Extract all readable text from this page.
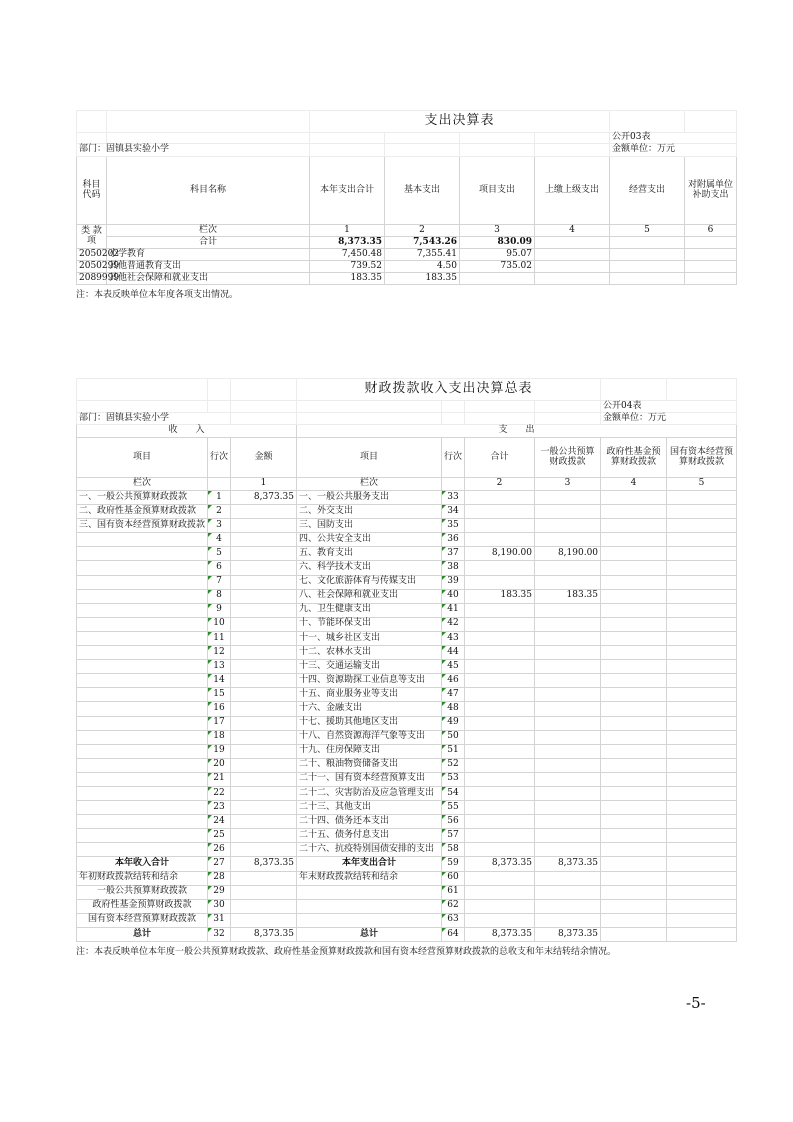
		支出决算表					
						公开03表	
部门：固镇县实验小学						金额单位：万元	
科目代码	科目名称	本年支出合计	基本支出	项目支出	上缴上级支出	经营支出	对附属单位补助支出
类 款 项	栏次	1	2	3	4	5	6
	合计	8,373.35	7,543.26	830.09			
2050202	小学教育	7,450.48	7,355.41	95.07			
2050299	其他普通教育支出	739.52	4.50	735.02			
2089999	其他社会保障和就业支出	183.35	183.35				
注：本表反映单位本年度各项支出情况。
			财政拨款收入支出决算总表					
							公开04表	
部门：固镇县实验小学							金额单位：万元	
收　　入			支　　出					
项目	行次	金额	项目	行次	合计	一般公共预算财政拨款	政府性基金预算财政拨款	国有资本经营预算财政拨款
栏次		1	栏次		2	3	4	5
一、一般公共预算财政拨款	1	8,373.35	一、一般公共服务支出	33				
二、政府性基金预算财政拨款	2		二、外交支出	34				
三、国有资本经营预算财政拨款	3		三、国防支出	35				
	4		四、公共安全支出	36				
	5		五、教育支出	37	8,190.00	8,190.00		
	6		六、科学技术支出	38				
	7		七、文化旅游体育与传媒支出	39				
	8		八、社会保障和就业支出	40	183.35	183.35		
	9		九、卫生健康支出	41				
	10		十、节能环保支出	42				
	11		十一、城乡社区支出	43				
	12		十二、农林水支出	44				
	13		十三、交通运输支出	45				
	14		十四、资源勘探工业信息等支出	46				
	15		十五、商业服务业等支出	47				
	16		十六、金融支出	48				
	17		十七、援助其他地区支出	49				
	18		十八、自然资源海洋气象等支出	50				
	19		十九、住房保障支出	51				
	20		二十、粮油物资储备支出	52				
	21		二十一、国有资本经营预算支出	53				
	22		二十二、灾害防治及应急管理支出	54				
	23		二十三、其他支出	55				
	24		二十四、债务还本支出	56				
	25		二十五、债务付息支出	57				
	26		二十六、抗疫特别国债安排的支出	58				
本年收入合计	27	8,373.35	本年支出合计	59	8,373.35	8,373.35		
年初财政拨款结转和结余	28		年末财政拨款结转和结余	60				
一般公共预算财政拨款	29			61				
政府性基金预算财政拨款	30			62				
国有资本经营预算财政拨款	31			63				
总计	32	8,373.35	总计	64	8,373.35	8,373.35		
注：本表反映单位本年度一般公共预算财政拨款、政府性基金预算财政拨款和国有资本经营预算财政拨款的总收支和年末结转结余情况。
-5-
